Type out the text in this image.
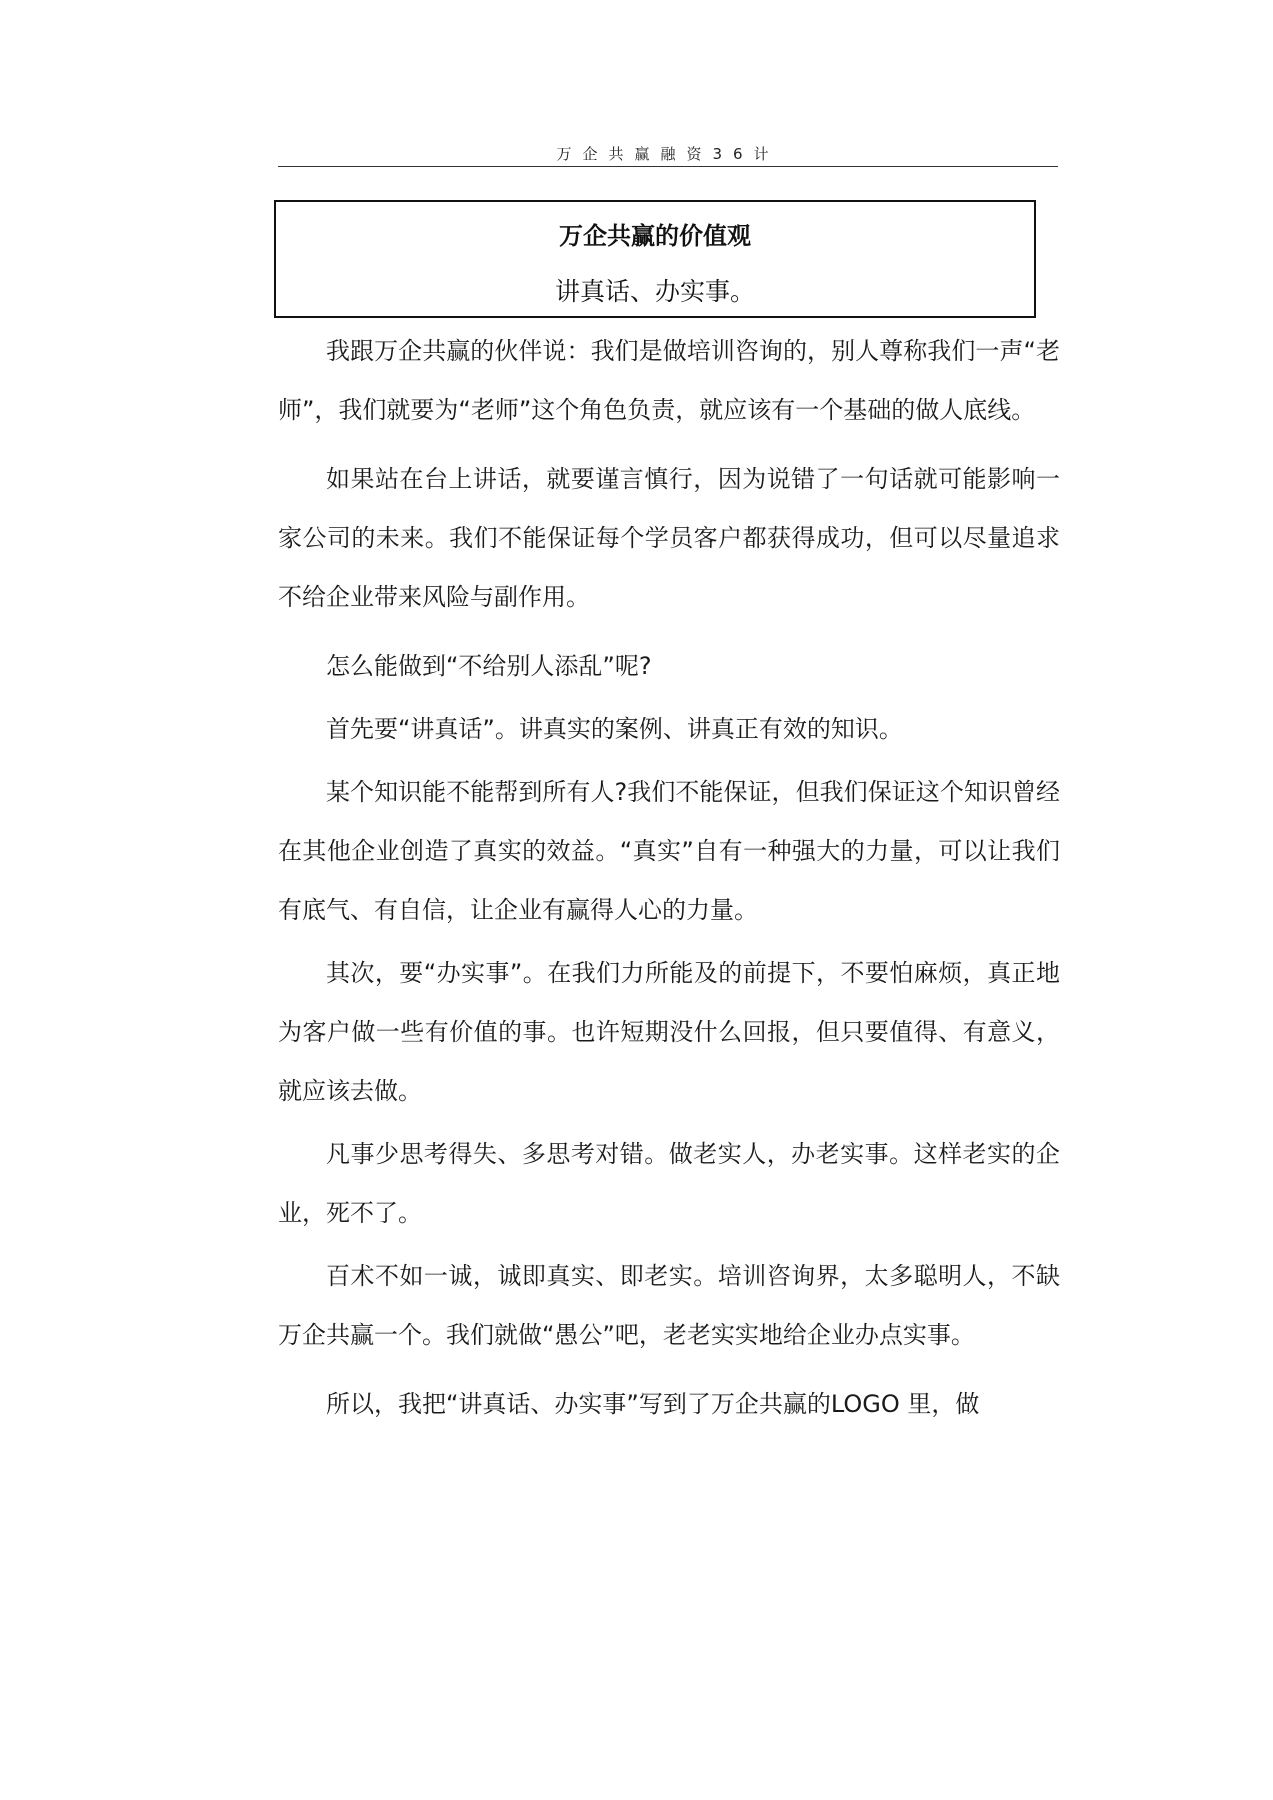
万企共赢融资36计
万企共赢的价值观
讲真话、办实事。

我跟万企共赢的伙伴说：我们是做培训咨询的，别人尊称我们一声“老师”，我们就要为“老师”这个角色负责，就应该有一个基础的做人底线。

如果站在台上讲话，就要谨言慎行，因为说错了一句话就可能影响一家公司的未来。我们不能保证每个学员客户都获得成功，但可以尽量追求不给企业带来风险与副作用。

怎么能做到“不给别人添乱”呢?

首先要“讲真话”。讲真实的案例、讲真正有效的知识。

某个知识能不能帮到所有人?我们不能保证，但我们保证这个知识曾经在其他企业创造了真实的效益。“真实”自有一种强大的力量，可以让我们有底气、有自信，让企业有赢得人心的力量。

其次，要“办实事”。在我们力所能及的前提下，不要怕麻烦，真正地为客户做一些有价值的事。也许短期没什么回报，但只要值得、有意义，就应该去做。

凡事少思考得失、多思考对错。做老实人，办老实事。这样老实的企业，死不了。

百术不如一诚，诚即真实、即老实。培训咨询界，太多聪明人，不缺万企共赢一个。我们就做“愚公”吧，老老实实地给企业办点实事。

所以，我把“讲真话、办实事”写到了万企共赢的LOGO 里，做
